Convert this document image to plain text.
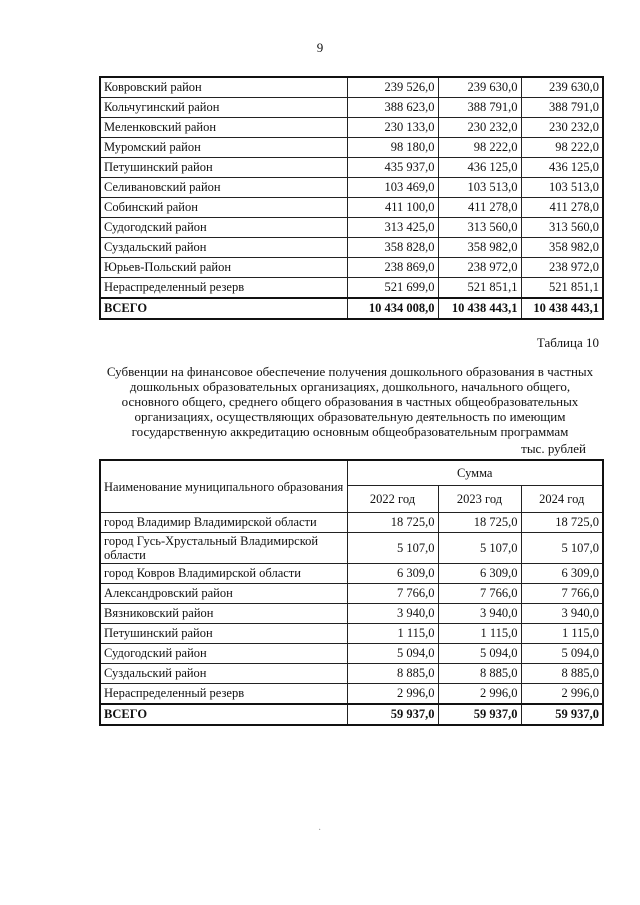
9
Ковровский район	239 526,0	239 630,0	239 630,0
Кольчугинский район	388 623,0	388 791,0	388 791,0
Меленковский район	230 133,0	230 232,0	230 232,0
Муромский район	98 180,0	98 222,0	98 222,0
Петушинский район	435 937,0	436 125,0	436 125,0
Селивановский район	103 469,0	103 513,0	103 513,0
Собинский район	411 100,0	411 278,0	411 278,0
Судогодский район	313 425,0	313 560,0	313 560,0
Суздальский район	358 828,0	358 982,0	358 982,0
Юрьев-Польский район	238 869,0	238 972,0	238 972,0
Нераспределенный резерв	521 699,0	521 851,1	521 851,1
ВСЕГО	10 434 008,0	10 438 443,1	10 438 443,1
Таблица 10
Субвенции на финансовое обеспечение получения дошкольного образования в частных дошкольных образовательных организациях, дошкольного, начального общего, основного общего, среднего общего образования в частных общеобразовательных организациях, осуществляющих образовательную деятельность по имеющим государственную аккредитацию основным общеобразовательным программам
тыс. рублей
Наименование муниципального образования	Сумма		
	2022 год	2023 год	2024 год
город Владимир Владимирской области	18 725,0	18 725,0	18 725,0
город Гусь-Хрустальный Владимирской области	5 107,0	5 107,0	5 107,0
город Ковров Владимирской области	6 309,0	6 309,0	6 309,0
Александровский район	7 766,0	7 766,0	7 766,0
Вязниковский район	3 940,0	3 940,0	3 940,0
Петушинский район	1 115,0	1 115,0	1 115,0
Судогодский район	5 094,0	5 094,0	5 094,0
Суздальский район	8 885,0	8 885,0	8 885,0
Нераспределенный резерв	2 996,0	2 996,0	2 996,0
ВСЕГО	59 937,0	59 937,0	59 937,0
·
